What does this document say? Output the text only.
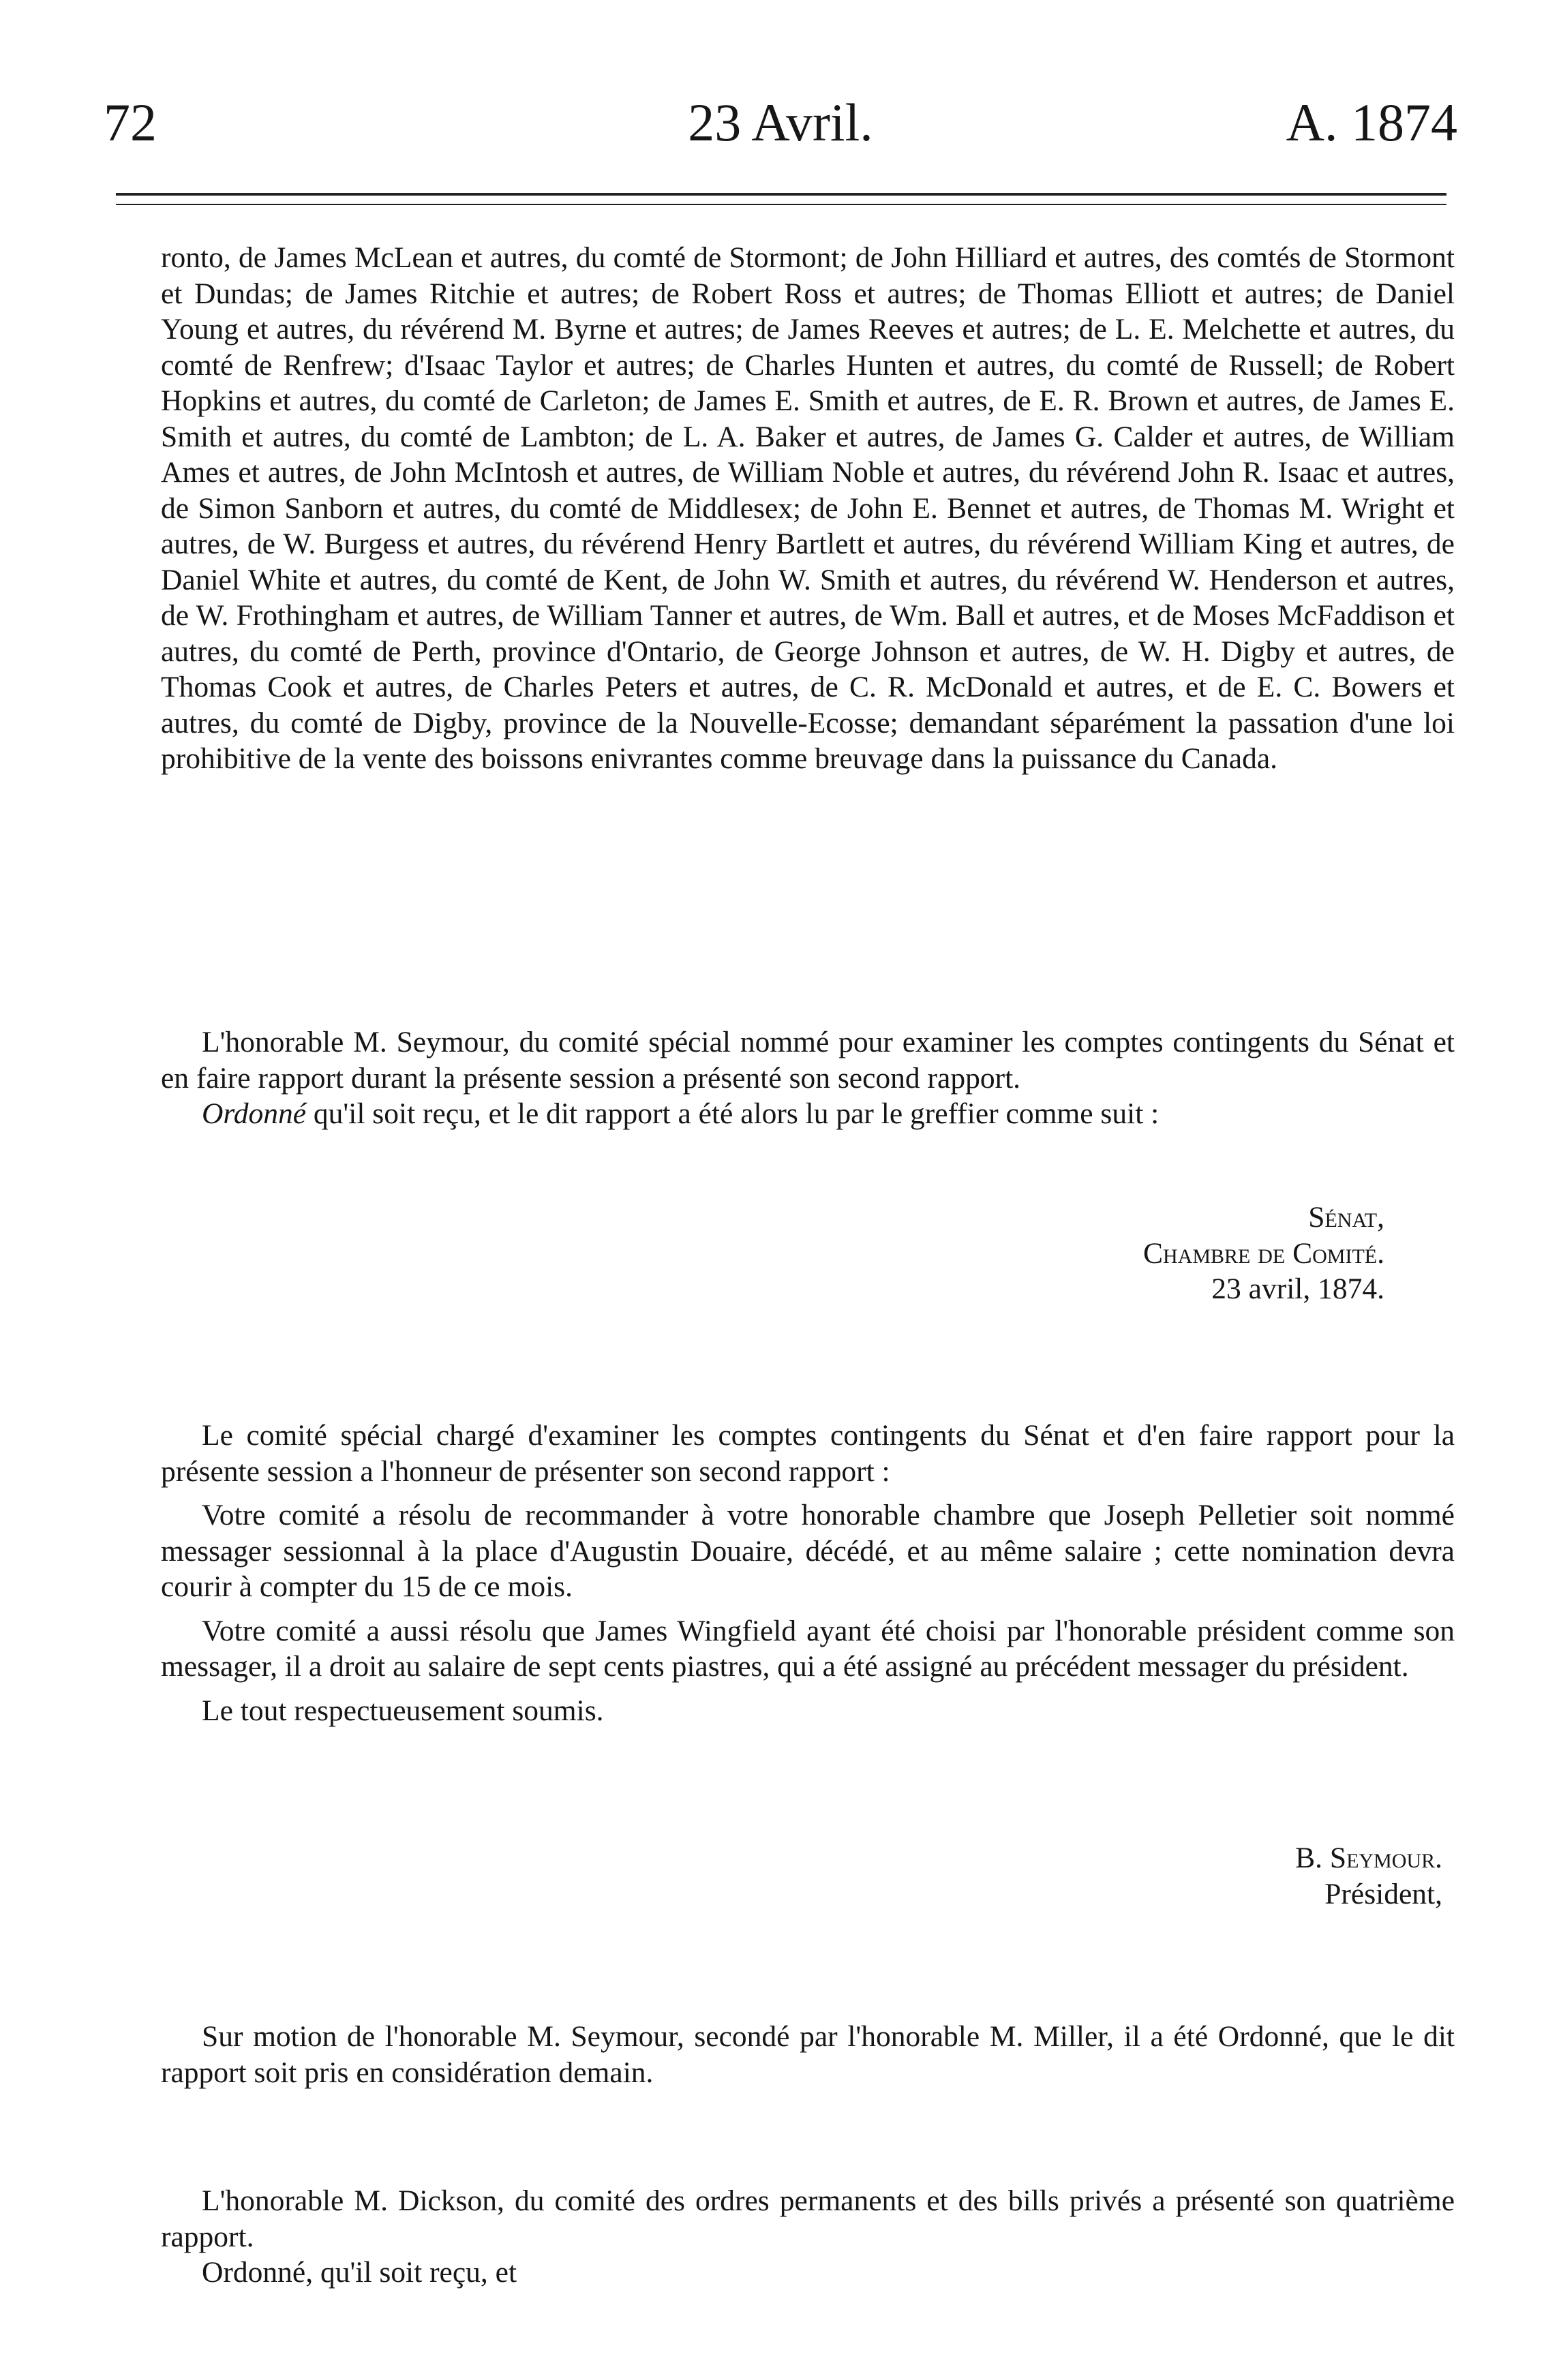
23 Avril.
72	A. 1874

ronto, de James McLean et autres, du comté de Stormont; de John Hilliard et autres, des comtés de Stormont et Dundas; de James Ritchie et autres; de Robert Ross et autres; de Thomas Elliott et autres; de Daniel Young et autres, du révérend M. Byrne et autres; de James Reeves et autres; de L. E. Melchette et autres, du comté de Renfrew; d'Isaac Taylor et autres; de Charles Hunten et autres, du comté de Russell; de Robert Hopkins et autres, du comté de Carleton; de James E. Smith et autres, de E. R. Brown et autres, de James E. Smith et autres, du comté de Lambton; de L. A. Baker et autres, de James G. Calder et autres, de William Ames et autres, de John McIntosh et autres, de William Noble et autres, du révérend John R. Isaac et autres, de Simon Sanborn et autres, du comté de Middlesex; de John E. Bennet et autres, de Thomas M. Wright et autres, de W. Burgess et autres, du révérend Henry Bartlett et autres, du révérend William King et autres, de Daniel White et autres, du comté de Kent, de John W. Smith et autres, du révérend W. Henderson et autres, de W. Frothingham et autres, de William Tanner et autres, de Wm. Ball et autres, et de Moses McFaddison et autres, du comté de Perth, province d'Ontario, de George Johnson et autres, de W. H. Digby et autres, de Thomas Cook et autres, de Charles Peters et autres, de C. R. McDonald et autres, et de E. C. Bowers et autres, du comté de Digby, province de la Nouvelle-Ecosse; demandant séparément la passation d'une loi prohibitive de la vente des boissons enivrantes comme breuvage dans la puissance du Canada.

L'honorable M. Seymour, du comité spécial nommé pour examiner les comptes contingents du Sénat et en faire rapport durant la présente session a présenté son second rapport.

Ordonné qu'il soit reçu, et le dit rapport a été alors lu par le greffier comme suit :

Sénat,
Chambre de Comité.
23 avril, 1874.

Le comité spécial chargé d'examiner les comptes contingents du Sénat et d'en faire rapport pour la présente session a l'honneur de présenter son second rapport :

Votre comité a résolu de recommander à votre honorable chambre que Joseph Pelletier soit nommé messager sessionnal à la place d'Augustin Douaire, décédé, et au même salaire ; cette nomination devra courir à compter du 15 de ce mois.

Votre comité a aussi résolu que James Wingfield ayant été choisi par l'honorable président comme son messager, il a droit au salaire de sept cents piastres, qui a été assigné au précédent messager du président.

Le tout respectueusement soumis.

B. Seymour.
Président,

Sur motion de l'honorable M. Seymour, secondé par l'honorable M. Miller, il a été Ordonné, que le dit rapport soit pris en considération demain.

L'honorable M. Dickson, du comité des ordres permanents et des bills privés a présenté son quatrième rapport.

Ordonné, qu'il soit reçu, et
